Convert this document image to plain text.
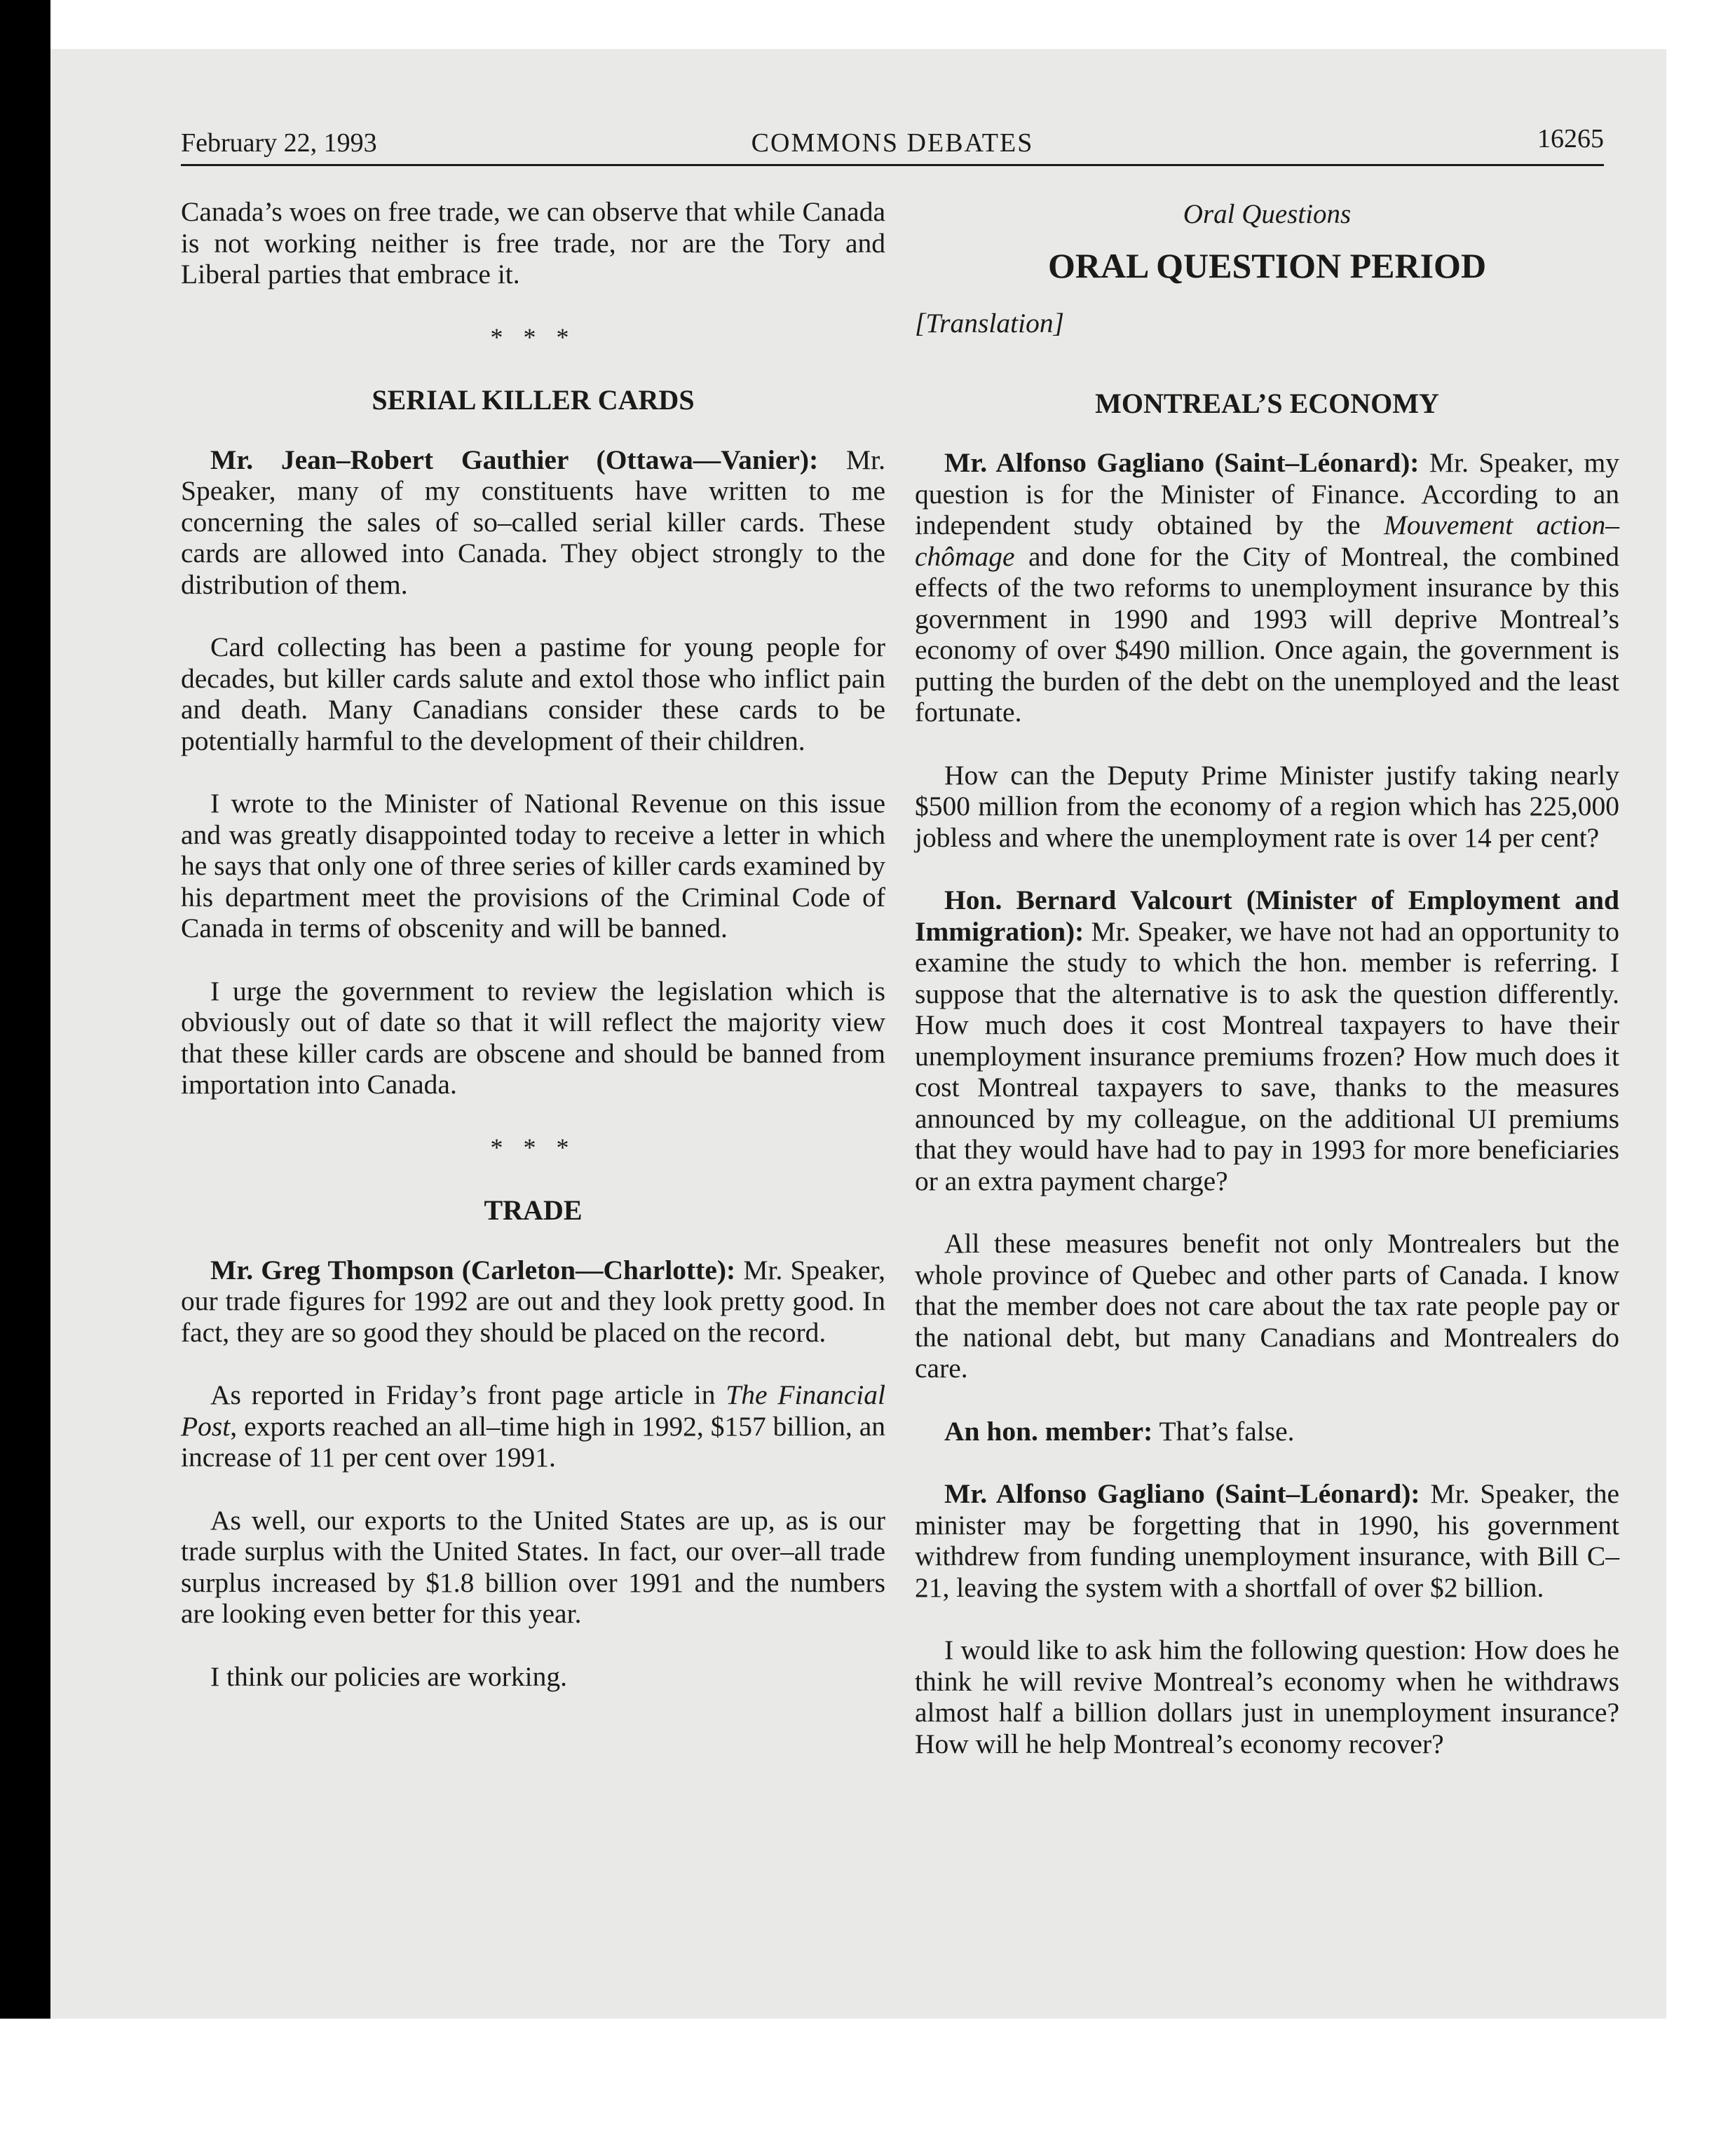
February 22, 1993	COMMONS DEBATES	16265

Canada’s woes on free trade, we can observe that while Canada is not working neither is free trade, nor are the Tory and Liberal parties that embrace it.

* * *
SERIAL KILLER CARDS

Mr. Jean–Robert Gauthier (Ottawa—Vanier): Mr. Speaker, many of my constituents have written to me concerning the sales of so–called serial killer cards. These cards are allowed into Canada. They object strongly to the distribution of them.

Card collecting has been a pastime for young people for decades, but killer cards salute and extol those who inflict pain and death. Many Canadians consider these cards to be potentially harmful to the development of their children.

I wrote to the Minister of National Revenue on this issue and was greatly disappointed today to receive a letter in which he says that only one of three series of killer cards examined by his department meet the provisions of the Criminal Code of Canada in terms of obscenity and will be banned.

I urge the government to review the legislation which is obviously out of date so that it will reflect the majority view that these killer cards are obscene and should be banned from importation into Canada.

* * *
TRADE

Mr. Greg Thompson (Carleton—Charlotte): Mr. Speaker, our trade figures for 1992 are out and they look pretty good. In fact, they are so good they should be placed on the record.

As reported in Friday’s front page article in The Financial Post, exports reached an all–time high in 1992, $157 billion, an increase of 11 per cent over 1991.

As well, our exports to the United States are up, as is our trade surplus with the United States. In fact, our over–all trade surplus increased by $1.8 billion over 1991 and the numbers are looking even better for this year.

I think our policies are working.

Oral Questions
ORAL QUESTION PERIOD
[Translation]
MONTREAL’S ECONOMY

Mr. Alfonso Gagliano (Saint–Léonard): Mr. Speaker, my question is for the Minister of Finance. According to an independent study obtained by the Mouvement action–chômage and done for the City of Montreal, the combined effects of the two reforms to unemployment insurance by this government in 1990 and 1993 will deprive Montreal’s economy of over $490 million. Once again, the government is putting the burden of the debt on the unemployed and the least fortunate.

How can the Deputy Prime Minister justify taking nearly $500 million from the economy of a region which has 225,000 jobless and where the unemployment rate is over 14 per cent?

Hon. Bernard Valcourt (Minister of Employment and Immigration): Mr. Speaker, we have not had an opportunity to examine the study to which the hon. member is referring. I suppose that the alternative is to ask the question differently. How much does it cost Montreal taxpayers to have their unemployment insurance premiums frozen? How much does it cost Montreal taxpayers to save, thanks to the measures announced by my colleague, on the additional UI premiums that they would have had to pay in 1993 for more beneficiaries or an extra payment charge?

All these measures benefit not only Montrealers but the whole province of Quebec and other parts of Canada. I know that the member does not care about the tax rate people pay or the national debt, but many Canadians and Montrealers do care.

An hon. member: That’s false.

Mr. Alfonso Gagliano (Saint–Léonard): Mr. Speaker, the minister may be forgetting that in 1990, his government withdrew from funding unemployment insurance, with Bill C–21, leaving the system with a shortfall of over $2 billion.

I would like to ask him the following question: How does he think he will revive Montreal’s economy when he withdraws almost half a billion dollars just in unemployment insurance? How will he help Montreal’s economy recover?
